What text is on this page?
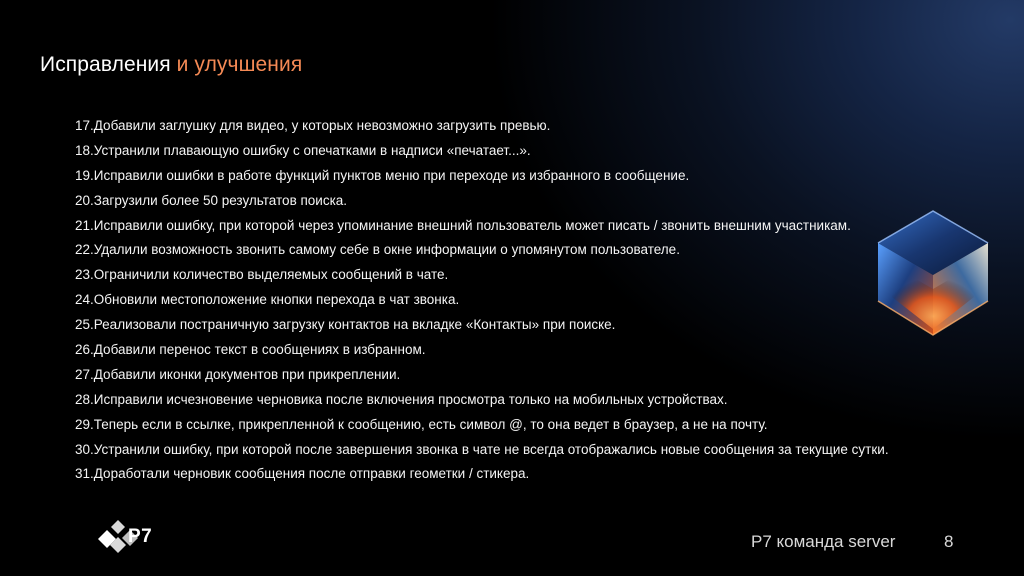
Исправления и улучшения
17.Добавили заглушку для видео, у которых невозможно загрузить превью.
18.Устранили плавающую ошибку с опечатками в надписи «печатает...».
19.Исправили ошибки в работе функций пунктов меню при переходе из избранного в сообщение.
20.Загрузили более 50 результатов поиска.
21.Исправили ошибку, при которой через упоминание внешний пользователь может писать / звонить внешним участникам.
22.Удалили возможность звонить самому себе в окне информации о упомянутом пользователе.
23.Ограничили количество выделяемых сообщений в чате.
24.Обновили местоположение кнопки перехода в чат звонка.
25.Реализовали постраничную загрузку контактов на вкладке «Контакты» при поиске.
26.Добавили перенос текст в сообщениях в избранном.
27.Добавили иконки документов при прикреплении.
28.Исправили исчезновение черновика после включения просмотра только на мобильных устройствах.
29.Теперь если в ссылке, прикрепленной к сообщению, есть символ @, то она ведет в браузер, а не на почту.
30.Устранили ошибку, при которой после завершения звонка в чате не всегда отображались новые сообщения за текущие сутки.
31.Доработали черновик сообщения после отправки геометки / стикера.
P7	Р7 команда server	8
